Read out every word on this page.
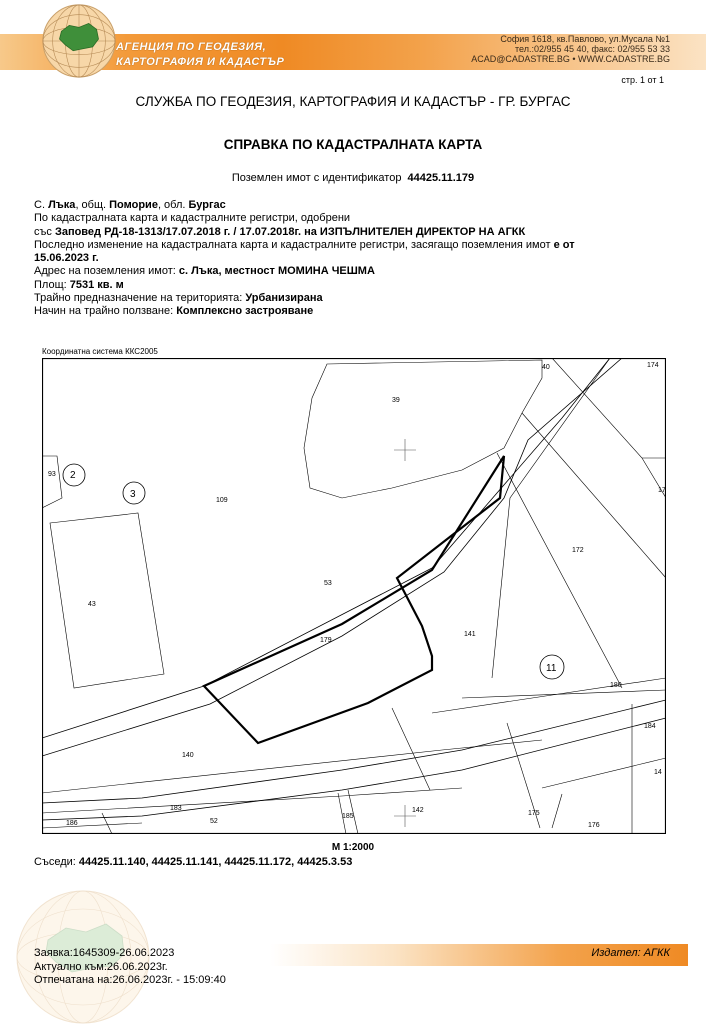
АГЕНЦИЯ ПО ГЕОДЕЗИЯ,
КАРТОГРАФИЯ И КАДАСТЪР
София 1618, кв.Павлово, ул.Мусала №1
тел.:02/955 45 40, факс: 02/955 53 33
ACAD@CADASTRE.BG • WWW.CADASTRE.BG
стр. 1 от 1
СЛУЖБА ПО ГЕОДЕЗИЯ, КАРТОГРАФИЯ И КАДАСТЪР - ГР. БУРГАС
СПРАВКА ПО КАДАСТРАЛНАТА КАРТА
Поземлен имот с идентификатор 44425.11.179
С. Лъка, общ. Поморие, обл. Бургас
По кадастралната карта и кадастралните регистри, одобрени
със Заповед РД-18-1313/17.07.2018 г. / 17.07.2018г. на ИЗПЪЛНИТЕЛЕН ДИРЕКТОР НА АГКК
Последно изменение на кадастралната карта и кадастралните регистри, засягащо поземления имот е от
15.06.2023 г.
Адрес на поземления имот: с. Лъка, местност МОМИНА ЧЕШМА
Площ: 7531 кв. м
Трайно предназначение на територията: Урбанизирана
Начин на трайно ползване: Комплексно застрояване
Координатна система ККС2005
40	174
39
93 2
3
109
17
172
53
43
179
141
11
180
184
140
14
183
52
186
185
142	175
176
М 1:2000
Съседи: 44425.11.140, 44425.11.141, 44425.11.172, 44425.3.53
Заявка:1645309-26.06.2023
Актуално към:26.06.2023г.
Отпечатана на:26.06.2023г. - 15:09:40
Издател: АГКК
